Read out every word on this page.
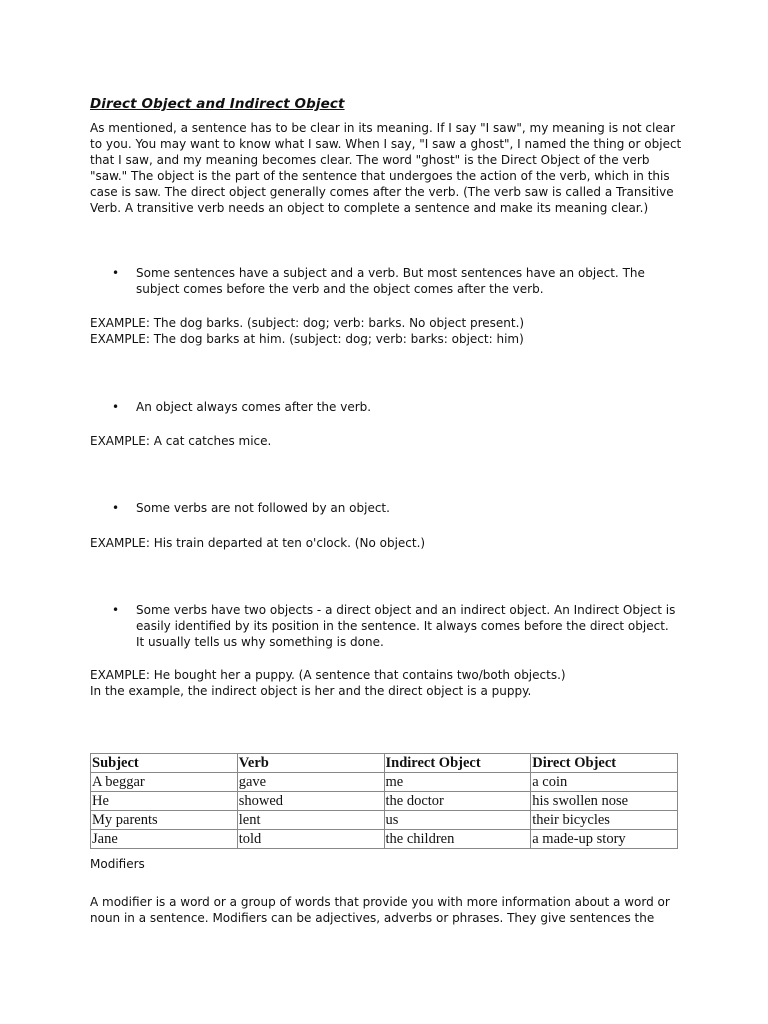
Direct Object and Indirect Object

As mentioned, a sentence has to be clear in its meaning. If I say "I saw", my meaning is not clear to you. You may want to know what I saw. When I say, "I saw a ghost", I named the thing or object that I saw, and my meaning becomes clear. The word "ghost" is the Direct Object of the verb "saw." The object is the part of the sentence that undergoes the action of the verb, which in this case is saw. The direct object generally comes after the verb. (The verb saw is called a Transitive Verb. A transitive verb needs an object to complete a sentence and make its meaning clear.)

• Some sentences have a subject and a verb. But most sentences have an object. The subject comes before the verb and the object comes after the verb.
EXAMPLE: The dog barks. (subject: dog; verb: barks. No object present.)
EXAMPLE: The dog barks at him. (subject: dog; verb: barks: object: him)
• An object always comes after the verb.
EXAMPLE: A cat catches mice.
• Some verbs are not followed by an object.
EXAMPLE: His train departed at ten o'clock. (No object.)
• Some verbs have two objects - a direct object and an indirect object. An Indirect Object is easily identified by its position in the sentence. It always comes before the direct object. It usually tells us why something is done.
EXAMPLE: He bought her a puppy. (A sentence that contains two/both objects.)
In the example, the indirect object is her and the direct object is a puppy.
Subject	Verb	Indirect Object	Direct Object
A beggar	gave	me	a coin
He	showed	the doctor	his swollen nose
My parents	lent	us	their bicycles
Jane	told	the children	a made-up story
Modifiers

A modifier is a word or a group of words that provide you with more information about a word or noun in a sentence. Modifiers can be adjectives, adverbs or phrases. They give sentences the
